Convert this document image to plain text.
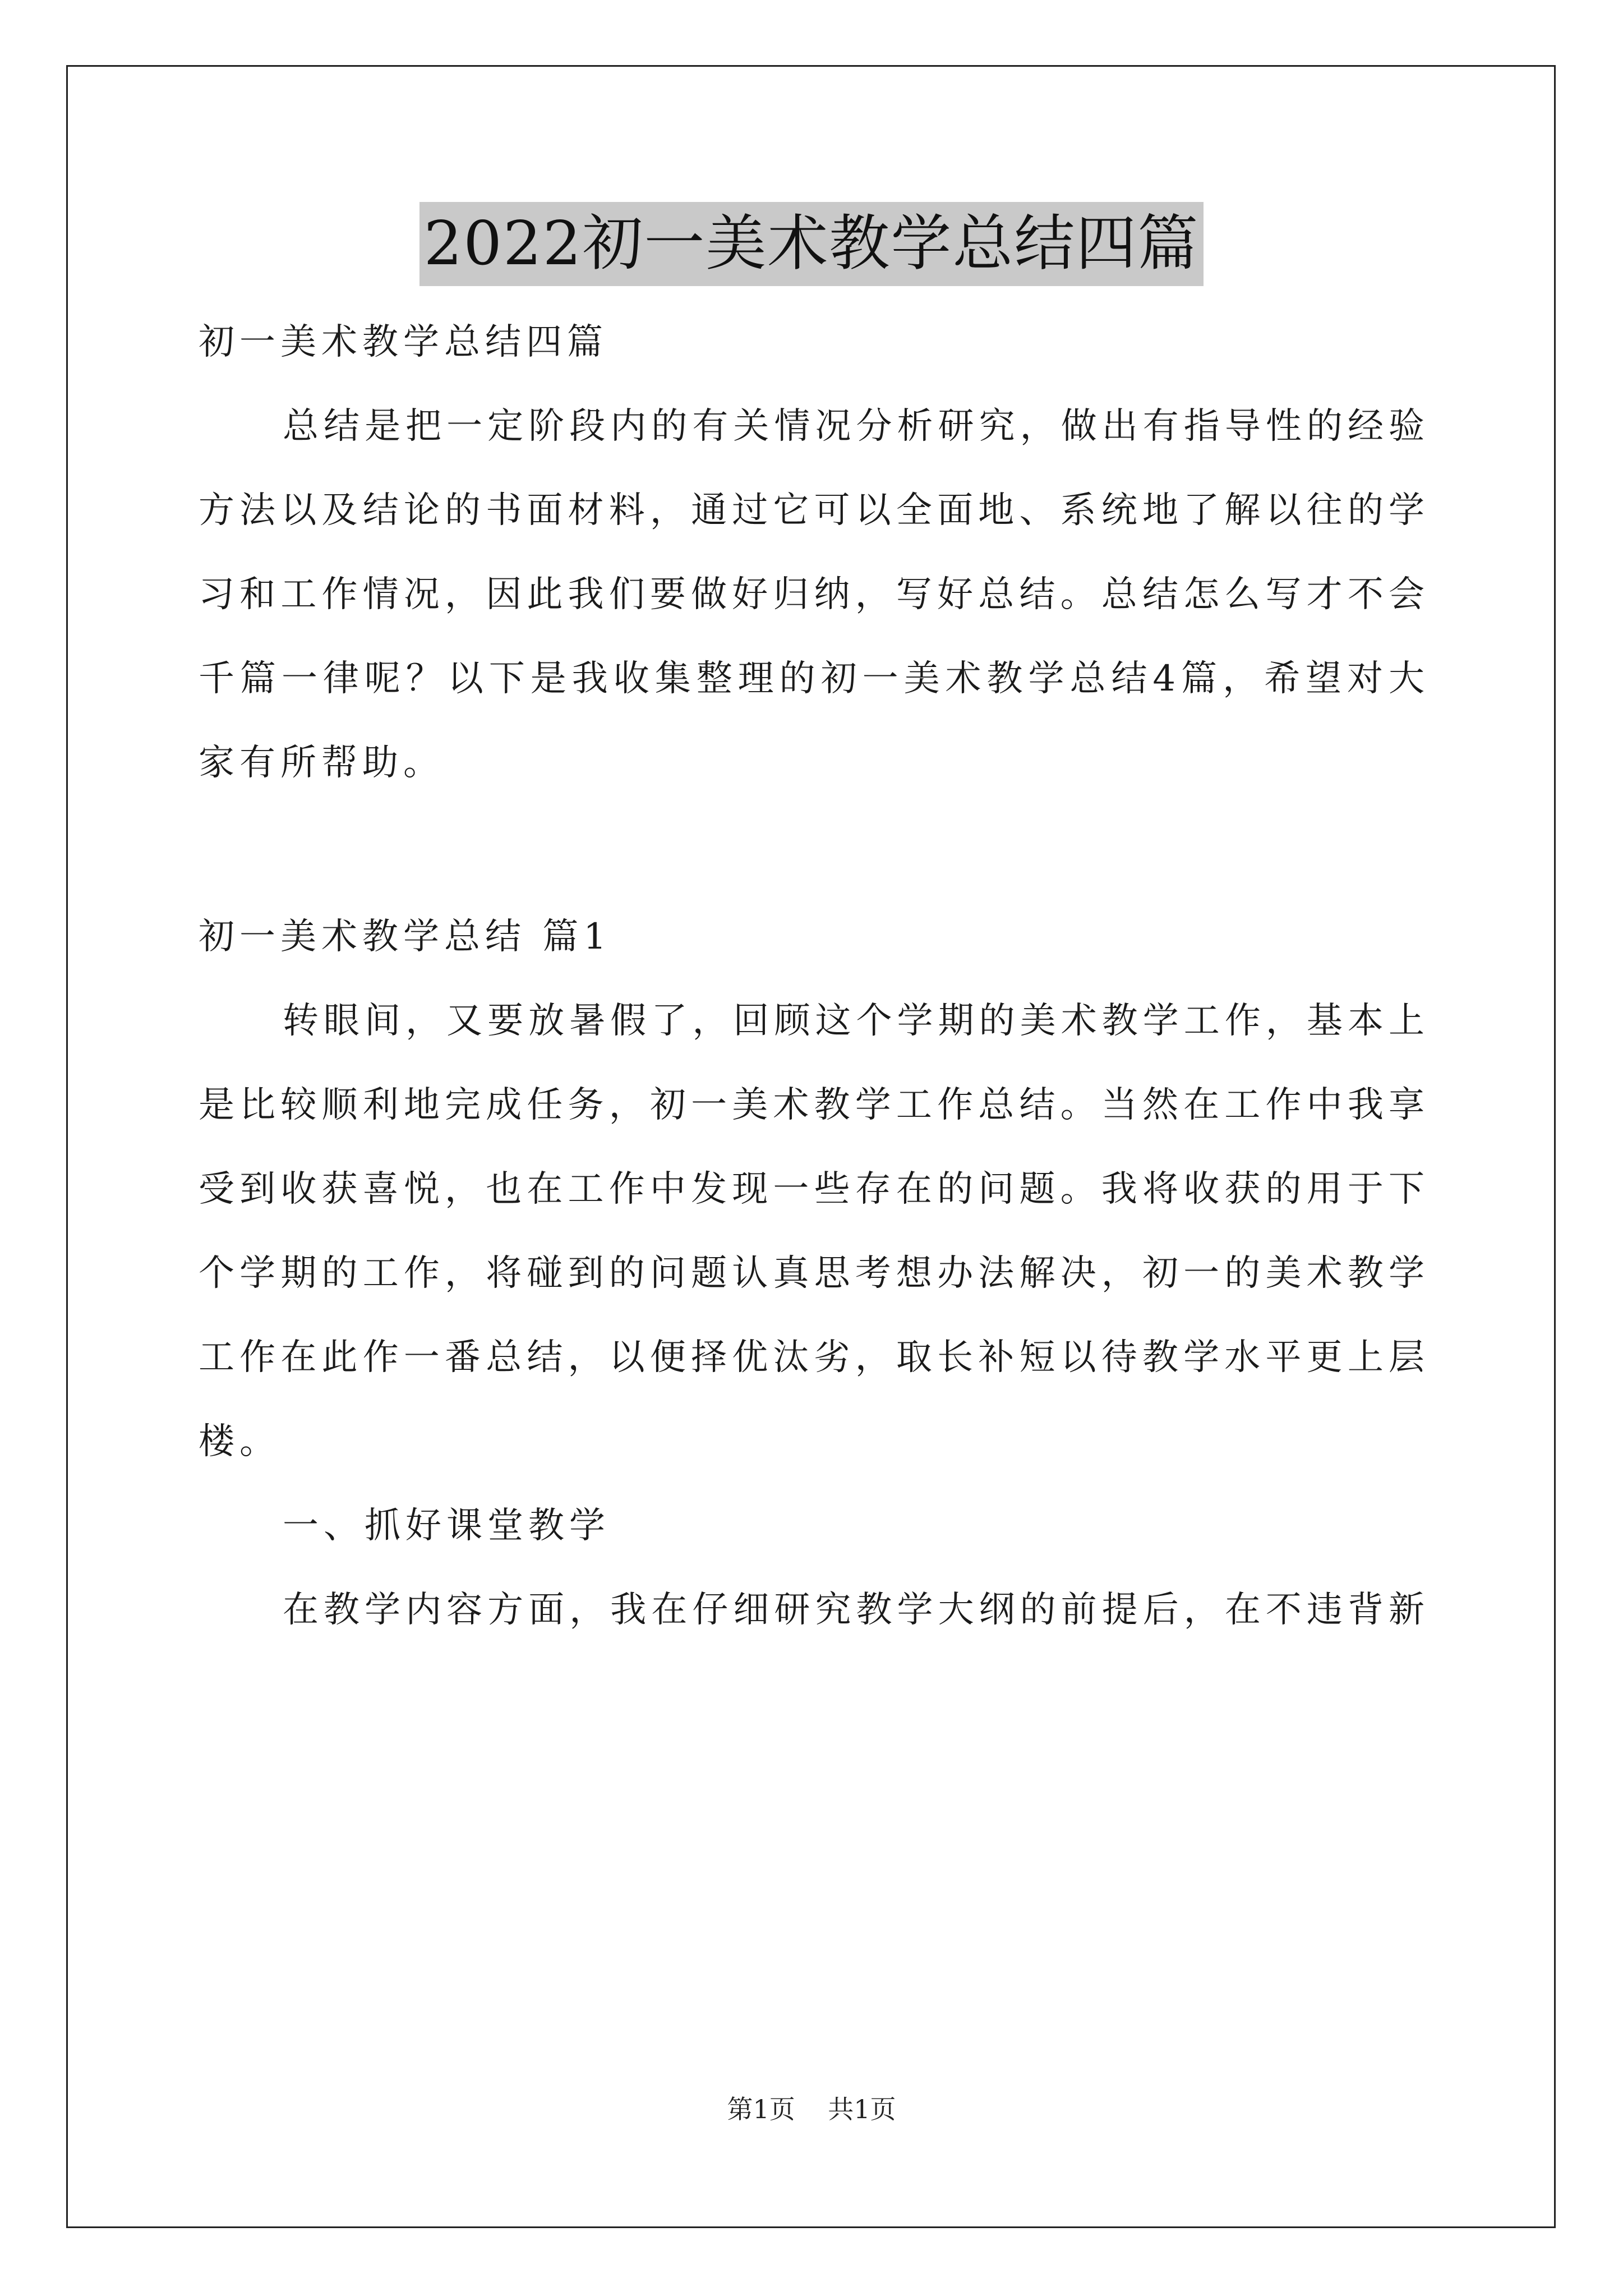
2022初一美术教学总结四篇
初一美术教学总结四篇
总结是把一定阶段内的有关情况分析研究，做出有指导性的经验
方法以及结论的书面材料，通过它可以全面地、系统地了解以往的学
习和工作情况，因此我们要做好归纳，写好总结。总结怎么写才不会
千篇一律呢？以下是我收集整理的初一美术教学总结4篇，希望对大
家有所帮助。
初一美术教学总结 篇1
转眼间，又要放暑假了，回顾这个学期的美术教学工作，基本上
是比较顺利地完成任务，初一美术教学工作总结。当然在工作中我享
受到收获喜悦，也在工作中发现一些存在的问题。我将收获的用于下
个学期的工作，将碰到的问题认真思考想办法解决，初一的美术教学
工作在此作一番总结，以便择优汰劣，取长补短以待教学水平更上层
楼。
一、抓好课堂教学
在教学内容方面，我在仔细研究教学大纲的前提后，在不违背新
第1页    共1页
